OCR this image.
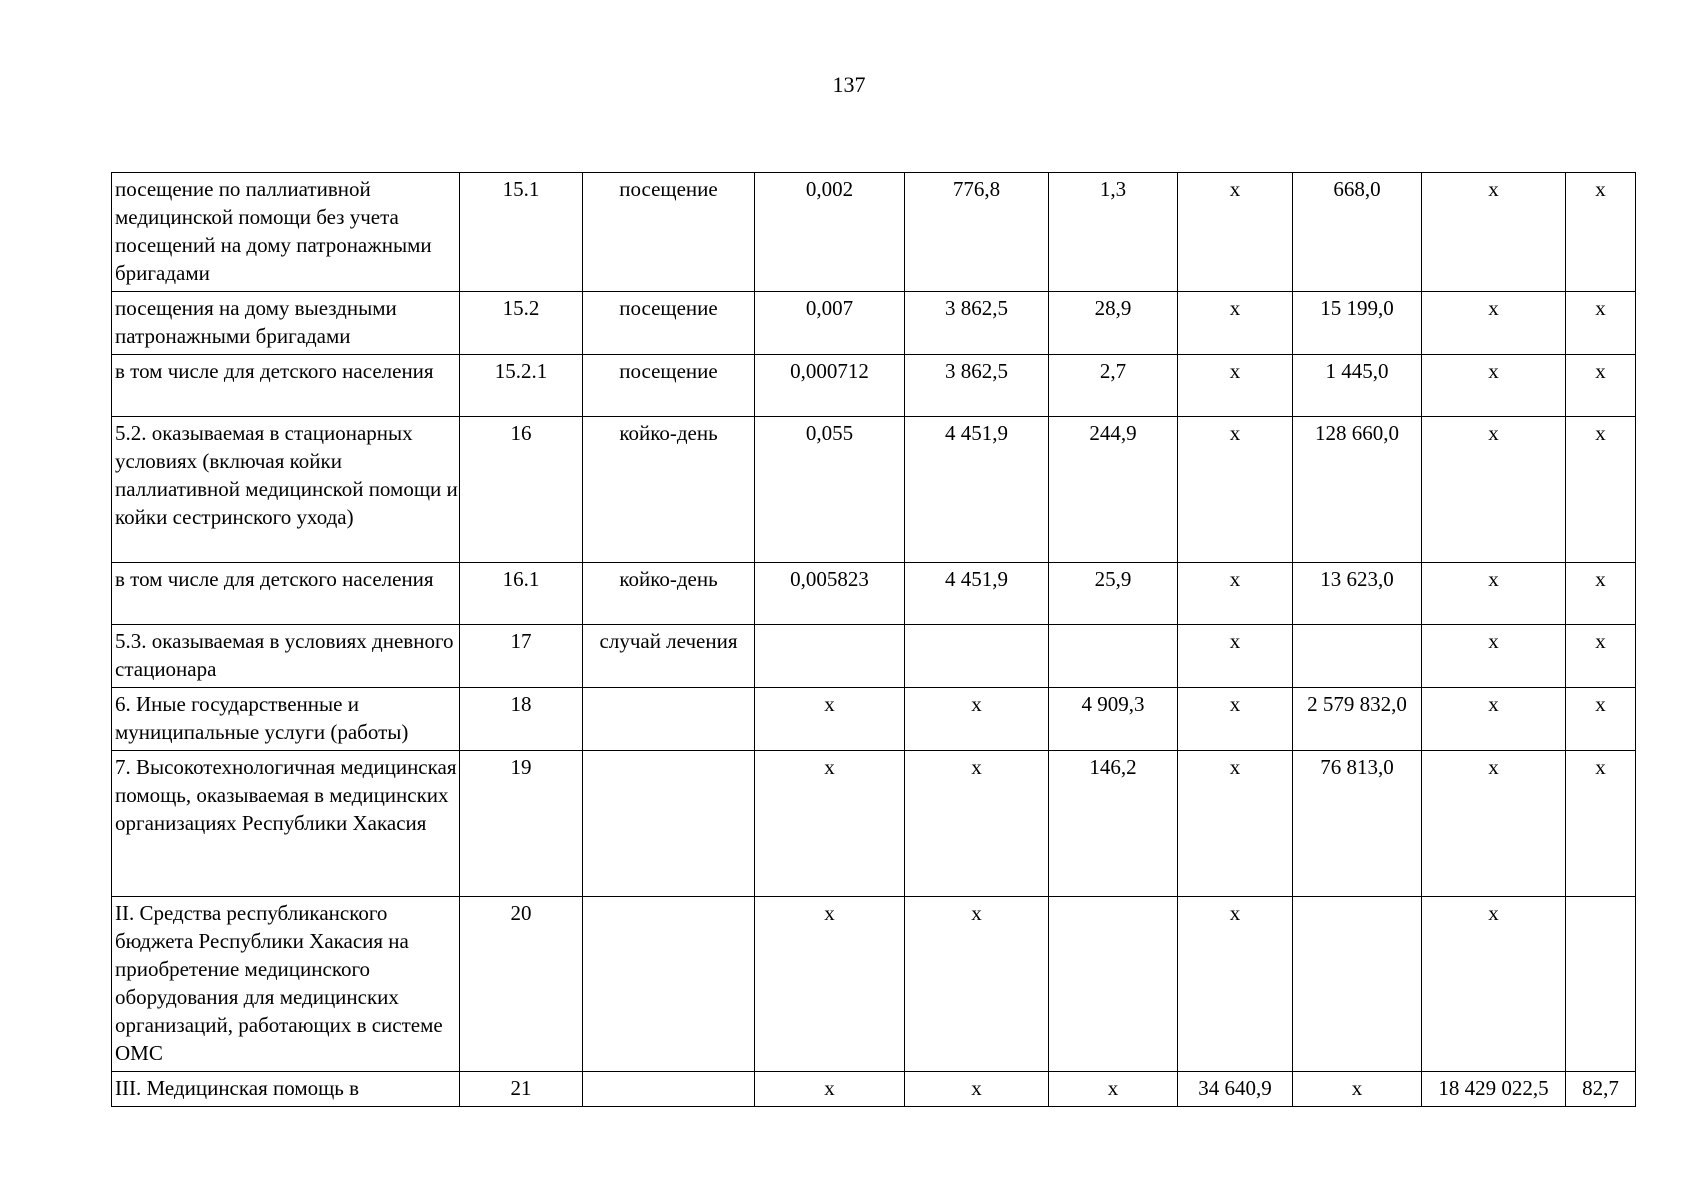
137
посещение по паллиативной медицинской помощи без учета посещений на дому патронажными бригадами	15.1	посещение	0,002	776,8	1,3	х	668,0	х	х
посещения на дому выездными патронажными бригадами	15.2	посещение	0,007	3 862,5	28,9	х	15 199,0	х	х
в том числе для детского населения	15.2.1	посещение	0,000712	3 862,5	2,7	х	1 445,0	х	х
5.2. оказываемая в стационарных условиях (включая койки паллиативной медицинской помощи и койки сестринского ухода)	16	койко-день	0,055	4 451,9	244,9	х	128 660,0	х	х
в том числе для детского населения	16.1	койко-день	0,005823	4 451,9	25,9	х	13 623,0	х	х
5.3. оказываемая в условиях дневного стационара	17	случай лечения				х		х	х
6. Иные государственные и муниципальные услуги (работы)	18		х	х	4 909,3	х	2 579 832,0	х	х
7. Высокотехнологичная медицинская помощь, оказываемая в медицинских организациях Республики Хакасия	19		х	х	146,2	х	76 813,0	х	х
II. Средства республиканского бюджета Республики Хакасия на приобретение медицинского оборудования для медицинских организаций, работающих в системе ОМС	20		х	х		х		х	
III. Медицинская помощь в	21		х	х	х	34 640,9	х	18 429 022,5	82,7
